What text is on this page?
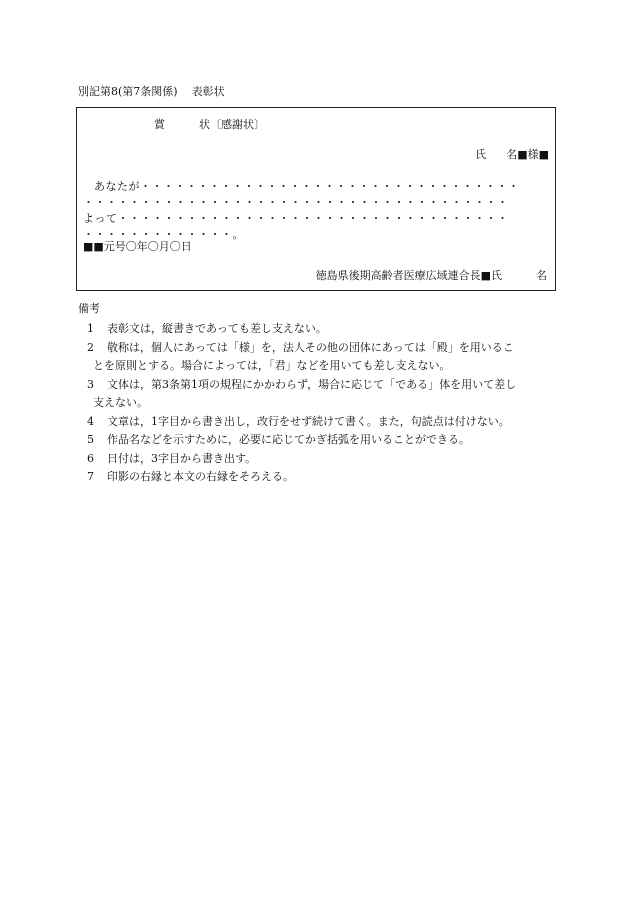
別記第8(第7条関係) 表彰状
賞	状〔感謝状〕
氏 名■様■
あなたが・・・・・・・・・・・・・・・・・・・・・・・・・・・・・・・・・
・・・・・・・・・・・・・・・・・・・・・・・・・・・・・・・・・・・・・
よって・・・・・・・・・・・・・・・・・・・・・・・・・・・・・・・・・・
・・・・・・・・・・・・・。
■■元号〇年〇月〇日
徳島県後期高齢者医療広域連合長■氏	名
備考
1 表彰文は，縦書きであっても差し支えない。
2 敬称は，個人にあっては「様」を，法人その他の団体にあっては「殿」を用いるこ
とを原則とする。場合によっては，「君」などを用いても差し支えない。
3 文体は，第3条第1項の規程にかかわらず，場合に応じて「である」体を用いて差し
支えない。
4 文章は，1字目から書き出し，改行をせず続けて書く。また，句読点は付けない。
5 作品名などを示すために，必要に応じてかぎ括弧を用いることができる。
6 日付は，3字目から書き出す。
7 印影の右縁と本文の右縁をそろえる。
